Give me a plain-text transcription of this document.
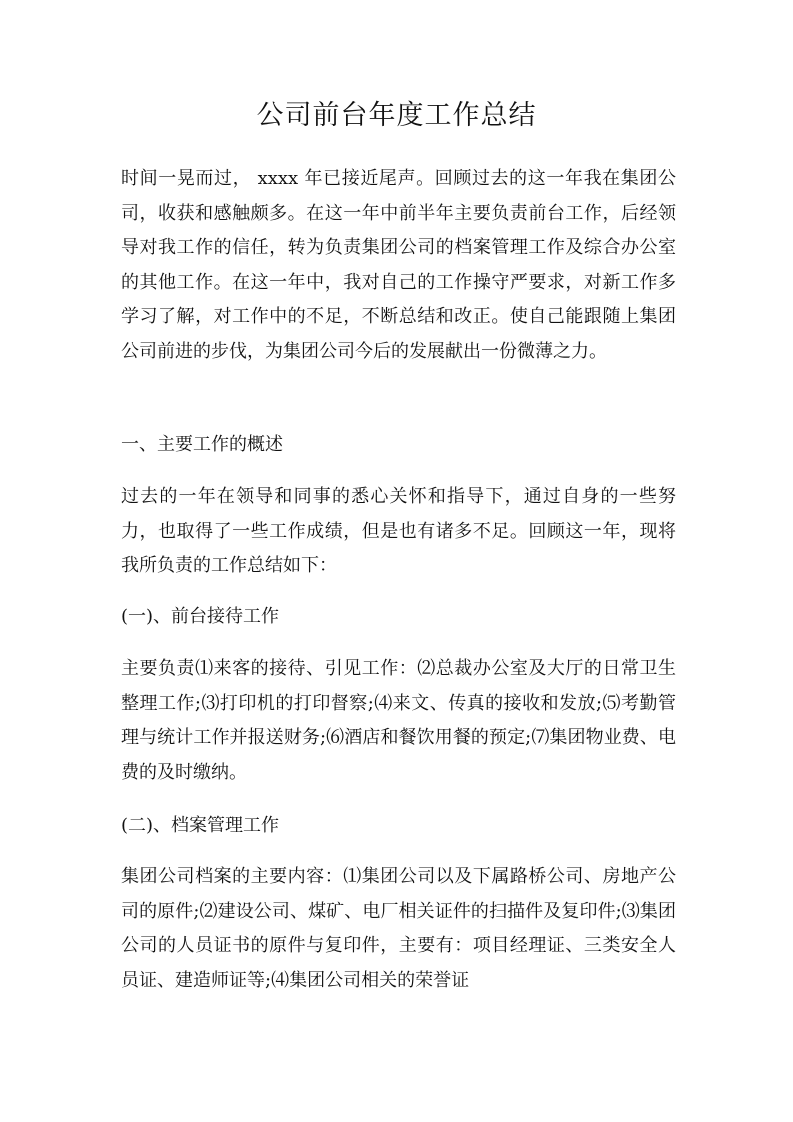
公司前台年度工作总结

时间一晃而过， xxxx 年已接近尾声。回顾过去的这一年我在集团公司，收获和感触颇多。在这一年中前半年主要负责前台工作，后经领导对我工作的信任，转为负责集团公司的档案管理工作及综合办公室的其他工作。在这一年中，我对自己的工作操守严要求，对新工作多学习了解，对工作中的不足，不断总结和改正。使自己能跟随上集团公司前进的步伐，为集团公司今后的发展献出一份微薄之力。

一、主要工作的概述

过去的一年在领导和同事的悉心关怀和指导下，通过自身的一些努力，也取得了一些工作成绩，但是也有诸多不足。回顾这一年，现将我所负责的工作总结如下：

(一)、前台接待工作

主要负责⑴来客的接待、引见工作：⑵总裁办公室及大厅的日常卫生整理工作;⑶打印机的打印督察;⑷来文、传真的接收和发放;⑸考勤管理与统计工作并报送财务;⑹酒店和餐饮用餐的预定;⑺集团物业费、电费的及时缴纳。

(二)、档案管理工作

集团公司档案的主要内容：⑴集团公司以及下属路桥公司、房地产公司的原件;⑵建设公司、煤矿、电厂相关证件的扫描件及复印件;⑶集团公司的人员证书的原件与复印件，主要有：项目经理证、三类安全人员证、建造师证等;⑷集团公司相关的荣誉证
